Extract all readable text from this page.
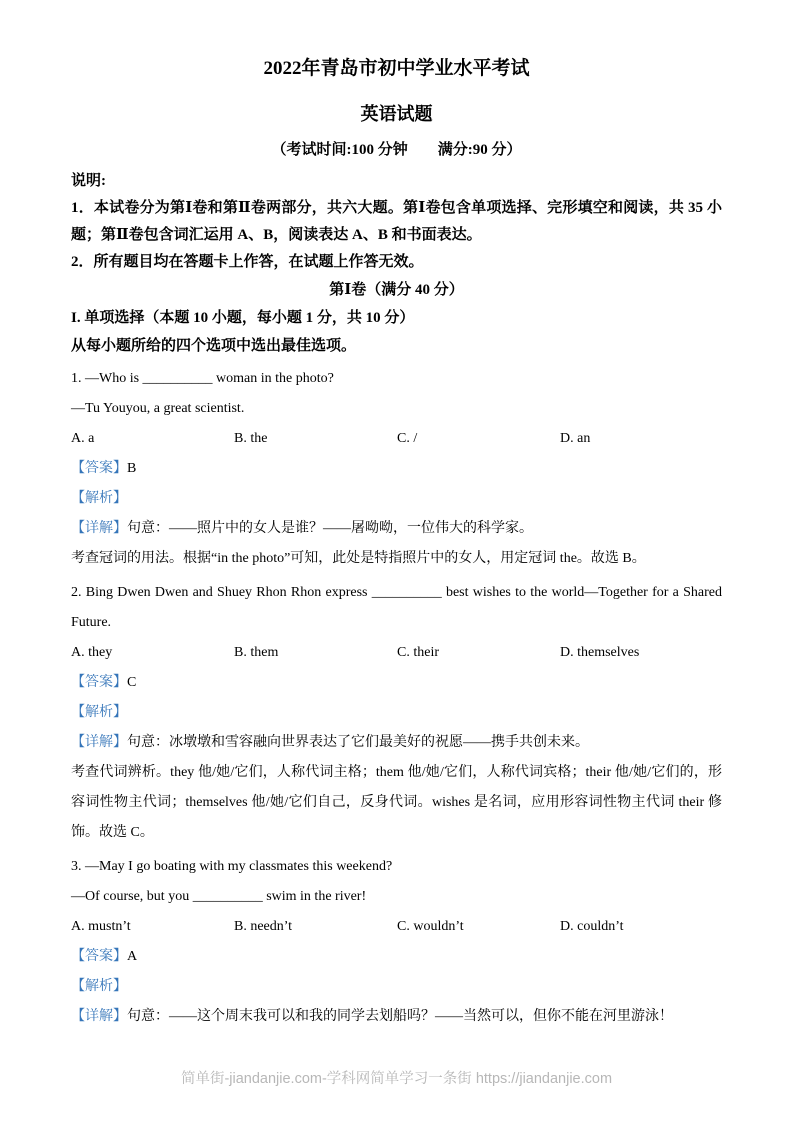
2022年青岛市初中学业水平考试
英语试题

（考试时间:100 分钟　　满分:90 分）

说明:

1．本试卷分为第Ⅰ卷和第Ⅱ卷两部分，共六大题。第Ⅰ卷包含单项选择、完形填空和阅读，共 35 小题；第Ⅱ卷包含词汇运用 A、B，阅读表达 A、B 和书面表达。

2．所有题目均在答题卡上作答，在试题上作答无效。

第Ⅰ卷（满分 40 分）

I. 单项选择（本题 10 小题，每小题 1 分，共 10 分）

从每小题所给的四个选项中选出最佳选项。

1. —Who is __________ woman in the photo?

—Tu Youyou, a great scientist.

A. a	B. the	C. /	D. an

【答案】B

【解析】

【详解】句意：——照片中的女人是谁？——屠呦呦，一位伟大的科学家。

考查冠词的用法。根据“in the photo”可知，此处是特指照片中的女人，用定冠词 the。故选 B。

2. Bing Dwen Dwen and Shuey Rhon Rhon express __________ best wishes to the world—Together for a Shared Future.

A. they	B. them	C. their	D. themselves

【答案】C

【解析】

【详解】句意：冰墩墩和雪容融向世界表达了它们最美好的祝愿——携手共创未来。

考查代词辨析。they 他/她/它们，人称代词主格；them 他/她/它们，人称代词宾格；their 他/她/它们的，形容词性物主代词；themselves 他/她/它们自己，反身代词。wishes 是名词，应用形容词性物主代词 their 修饰。故选 C。

3. —May I go boating with my classmates this weekend?

—Of course, but you __________ swim in the river!

A. mustn’t	B. needn’t	C. wouldn’t	D. couldn’t

【答案】A

【解析】

【详解】句意：——这个周末我可以和我的同学去划船吗？——当然可以，但你不能在河里游泳！

简单街-jiandanjie.com-学科网简单学习一条街 https://jiandanjie.com
